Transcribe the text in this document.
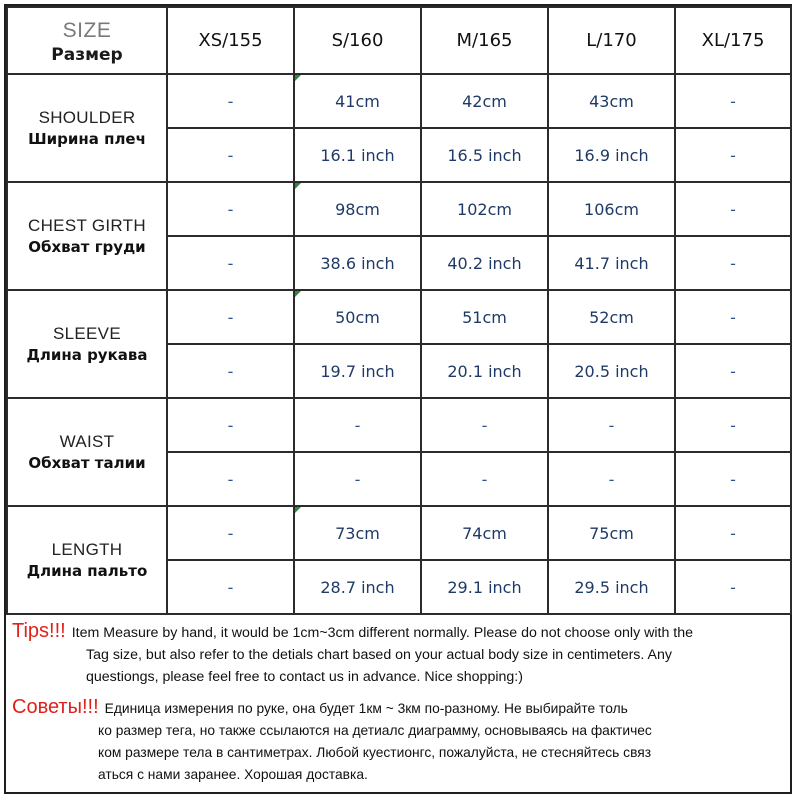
SIZE
Размер	XS/155	S/160	M/165	L/170	XL/175

SHOULDER
Ширина плеч	-	41cm	42cm	43cm	-
	-	16.1 inch	16.5 inch	16.9 inch	-

CHEST GIRTH
Обхват груди	-	98cm	102cm	106cm	-
	-	38.6 inch	40.2 inch	41.7 inch	-

SLEEVE
Длина рукава	-	50cm	51cm	52cm	-
	-	19.7 inch	20.1 inch	20.5 inch	-

WAIST
Обхват талии	-	-	-	-	-
	-	-	-	-	-

LENGTH
Длина пальто	-	73cm	74cm	75cm	-
	-	28.7 inch	29.1 inch	29.5 inch	-
Tips!!! Item Measure by hand, it would be 1cm~3cm different normally. Please do not choose only with the
Tag size, but also refer to the detials chart based on your actual body size in centimeters. Any
questiongs, please feel free to contact us in advance. Nice shopping:)
Советы!!! Единица измерения по руке, она будет 1км ~ 3км по-разному. Не выбирайте толь
ко размер тега, но также ссылаются на детиалс диаграмму, основываясь на фактичес
ком размере тела в сантиметрах. Любой куестионгс, пожалуйста, не стесняйтесь связ
аться с нами заранее. Хорошая доставка.
